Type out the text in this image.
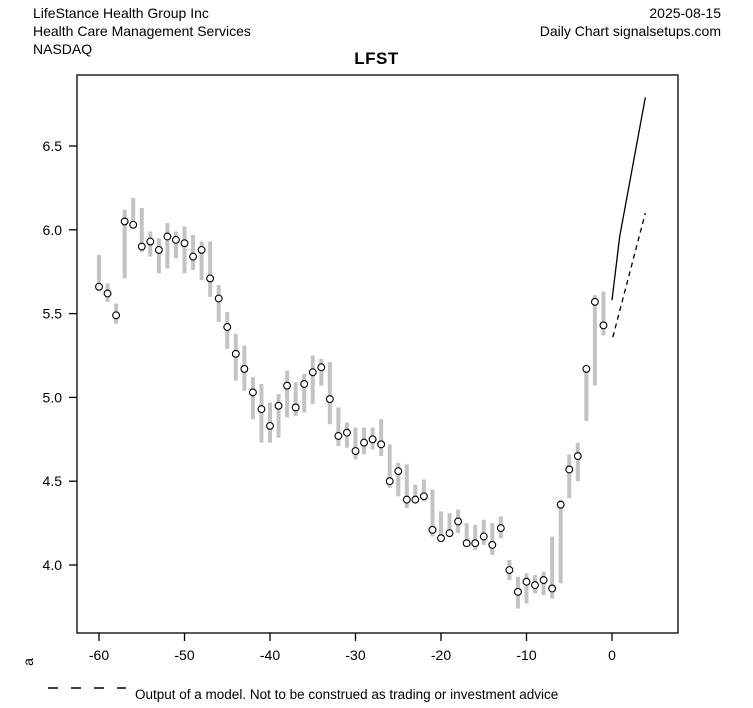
LifeStance Health Group Inc
Health Care Management Services
NASDAQ
2025-08-15
Daily Chart signalsetups.com
LFST
4.0
4.5
5.0
5.5
6.0
6.5
-60	-50	-40	-30	-20	-10	0
a
Output of a model. Not to be construed as trading or investment advice
